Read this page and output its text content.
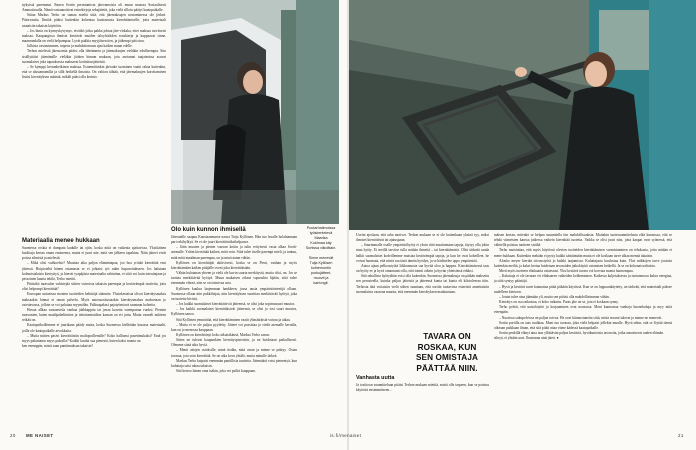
nykyistä paremmat. Ennen Sortin perustamista jätevamoista oli muun muassa Sosiaalisesti Ammatiosalla. Nämä vastaanottivat esinekirjoja sekajätettä, joka vielä silloin päätyi kaatopaikalle.

Siitan Markus Terho on samaa mieltä siitä, että jätemaksujen nostaminessa ole järkeä. Päiorvaattu. Ilmiöä pitäisi kuitenkin kohentaa kuntoutusta kierrättämiselle, jotta materiaali saataisiin takaisin käyttöön.

– Jos hinta on kynnyskysymys, eivätkö jotka pakka johtaa jäte-virkaka, ettei maksua tarvitseisi maksaa. Kaupungissa ihmiset kiertävät muiden taloyhtiöiden rouskierja ja kuppaavat sinne, maanrandalla on vielä helpompaa. Lyvät pakkia myyjäisen tien, ja jätkempi pää otuu.

Julkista vastuutmmen, nopeus ja mahdottomuus ajaa kaiken muun edelle.

Terhon mielestä jätesuomia pitäisi olla tiheämmin ja jätemaksujen vieläkin edullisempia. Siin sisällyttäisi jätenämille vieläkin jättäen hinnan mukaan, jota asetumat taajaimissa asuvat suomalaiset joka tapauksessa maksavat kotitalousjätteistä.

– Se kymppi kerranhetkinen maksua. Esinemittinkin järisuke tuominen vaatii rahaa kuitenkin, että se alustamamilla ja sillä hetkellä ilmaista. On valtion tähtää, että jätemaksujen korottaminen lisäisi kierrätyksen määrää, mikäli pääsi olla kerinto.

Materiaalia menee hukkaan

Suomessa roskia ei dumpata kadulle tai ojiin, koska niitä on vaikeata ajattavissa. Yksittäinen huolitaja kertaa oman enoineena, mutta ei juuri näe, mitä sen jälkeen tapahtuu. Näin jätteet eivät poissa silmistä ja mielestä.

– Mikä olisi vaihtoehto? Muuttaa aika paljon elämäntapaa, joo hoa yrittää kierrättää ensi jättessä. Hoipioteltä hänen ostamasta se ei johtaisi työ rakin hupuroitukseen. Jos halutaan kolmoistalaisia kiertyttyä, ja hieroti tyapäjäsia materiaalia vahintina, ei siitä voi kuin toteuttajaan ja pessoinen kautta tekilä, Terho miettii.

Pitäisikö taravalon vahistejäa siitten vaivoista takaisin parempia ja kestävämpiä tuotteita, joita olisi helpompi kierrättää?

Euroopan unionissa monien tuotteiden kehittäjä säännön. Yksinkertaisia olivat kierrätysmaksu maksaakin hinnat et oman palvelu. Myös autosuositustaakin kierrätysmaksu maksetaan jo ostettavassa, jolloin se voi paluttaa myymälän. Palkuapakasi pajatyömiavä saamaan kohteita.

Huvaa allkaa vaasanvisla vanhaa jääkkappiia tai juvaa kosetta varenpunua vuoksi. Pienten taravanien, kuten maalipaheliimien ja tietoinentaidion kansan on eri juttu. Mutta vauneli nuhteen reikää on.

Kaatopaikoillemme ei juurikaan päädy muita, koska Suomessa kielletään kasassa materiaalit, joilla ole kaatopaikalle arvokkaita.

– Mutta mitten pasivi kierrättäisiin maltopoillemille? Koko halliunsi pasettmukaksi? Entä jos myys pakottamu myys pakoilla? Kaikki kuului sua pienestä, kuten kaksi muuta on.

ken enemppin, mistä saan panttimaksun takaisin?

Olo kuin kunnon ihmisellä

Jätesanille saapuu Kaustaanmasse naava Tuija Kyllönen. Hän tuo lavalle holahtamaan pari rekihylkyä. Se ei ole juuri kierrättäväksikelpaava.

– Jätin muuten ja pienen vauvan kotiin ja tulin erityisesti vasta alkaa Sortti-asemalle. Yritän kierrättää kaiken, mitä voin. Siitä tulee itselle parempi mieli, ja tuntuu, mitä mitä maailman parempaa, on ja minä autan vähän.

Kyllönen on kierrättäjät aktiivisesti, koska se on Pieni, vanhan ja myös kierrättämään kaiken pitäjälle oveni joka kierrättäisään.

Vähän hulutanan yhteen ja vielä ole kuvin suurta merkitystä, mutta olisi, on. Jos se tuottaa merkittävää hyötyä. Muun mukaisen oikeat sopusuhta läjään, siitä tulee enemmän vihreä, niin se on toimivaa asia.

Kyllönen kuuluu laajemman hankkeen, jossa uusia ympäristönteetijä ollaan. Suomessa ollaan niin pukkilinjaa, niin kierrätyksen suorittaa merkittävää hyötyä, joka on tuotettu hivistä.

– Jos kaikki suomalaiset kierrättäisivät jätteensä, se olisi joka sopimusuuri muutos.

– Jos kaikki suomalaiset kierrättäisivät jätteensä, se olisi jo tosi suuri muutos, Kyllönen sanoo.

Sitä Kyllönen ymmärtää, että kierrättäminen vaatii ylimääräistä vaivaa ja aikaa.

– Mutta ei se ole paljoa pyydetty. Jätteet voi pussittaa ja viedä asemalle kerralla, kun on jo menossa kauppaan.

Kyllönen on kierrättänyt koko aikuisikänsä, Markus Terho sanoo.

Sitten ne tulevat kaupunkien kierrätyspisteisiin, ja ne hoidetaan paikallisesti. Olemme siinä aika hyviä.

– Menit aitojen ostoksille, minä tiedän, mitä ostan ja minne se päätyy. Ostan tavaraa, jota voin kierrättää. Se on aika kova yhtälö, mutta minulle tärkeä.

Markus Terho kaipaisi enemmän pantillisia tuotteita. Jätemäärä voisi pienentyä, kun kuluttaja saisi rahaa takaisin.

Sitä kertoo hänen oma isäkin, joka vei pullot kauppaan.

Puutarhatimoissa
työskentelevä
Maarika
Kuldmaa käy
Sortissa viikoittain.
Sinne menevät
Tuija Kyllösen
kotiremontin
purkujätteet,
muovit ja
kartongit.

Useiin ajoslaan, että raha motivoi. Terhon mukaan se ei ole kuitenkaan yksinä syy, miksi ihmiset kierrättävät tai ajatuspaan.

– Suurimmalle osalle ympäristöhyöty ei yksin riitä muuttamaan tapoja, täytyy olla jokin muu hyöty. Ei meillä tarvitse tulla mitään ihmeitä – tai kierrättämistä. Olisi tärkeää saada halkit suomalaiset kodeillemme muistaa kestävämpiä tapoja, ja kun he ovat kokeilleet, he voivat huomata, että niistä saa tästä tämän hyödyn, ja se hädistelee oppo ympäristöä.

Autoa ajaan pelkoastyötä liikkunnosta saa hyvää oloa ja happea. Kierrättämisessä taas on hyöty ee ja hyvä omantunto olla, että toimii oikein ja hyvän yhteisönsä eduksi.

Sitä rahallista hyötyähän voisi olla kuitenkin. Suomessa jätemaksuja on pätkän maksettu sen perusteella, kuinka paljon jätteistä ja jätteensä kunta tai kunta eli kilotoleeraa tiiin. Terhosta tätä voitaisiin vielä siihen suuntaan, että sortiin tuotavista esineistä annettaisiin suomalaista vaarona maasta, että enemmän kierrätyksen maakuntaan.

TAVARA ON ROSKAA, KUN SEN OMISTAJA PÄÄTTÄÄ NIIN.
Vanhasta uutta

Ja tosiitoon suunnitteluun pitäisi Terhon mukaan miettiä, mistä olle tarpeen, kun se poistuu käytöstä ensimmäiseen...

mäisen kerran, mitenkö se helpaa suunnitella tiin mahdollisuuksia. Muttakin tuotesuunnittelusta elää kunnossa, että se tehdä viimeisten kanssa jatkessa vaikein kierrättää tuotetta. Vaikka se olisi juuri niin, jotta kaupat ovat syönessä, että vähitellä poistuu tuotteen sisältä.

Terho muistuttaa, että myös käytössä olevien tuotteiden kierrättämisen varmistaminen on tehokasta, jotta mitään ei mene hukkaan. Kuitenkin mekään ei pysty kaikki säästämään mutta ei ole koskaan tarve alkaa mennä takaisin.

Alonko meyer kiertää siivoustyötä jo kaikki taajamissa. Kuluttajasta kuulostaa kuin. Yksi mikkojen tarve joutuisi kuitenkin meiltä, ja kaksi kertaa hoidetaan tavaroiden jatkokäyttö ostamisen hetkellä. Ja se on kokonaisvaltaista.

Mieti myös tuotteen elinkaarta ostaessasi. Yksi kestävä tavara voi korvata monta huonompaa.

– Kuluttaja ei ole tavaran eri elinkaaren vaiheiden kolkemainen. Kaikessa kuljetuksessa ja tuotannossa kuluu energiaa, ja siitä syntyy päästöjä.

– Hyvä ja kestävä tuote kannattaa pitää pitkään käytössä. Kun se on loppuunkäytetty, on tärkeää, että materiaali pääsee uudelleen kiertoon.

– Jotain tulee aina jäämään yli, mutta sen pitäisi olla mahdollisimman vähän.

Kierrätys on osa ratkaisua, ei koko ratkaisu. Paras jäte on se, jota ei koskaan synny.

Terho pohtii, että uusiokäyttö ja korjaaminen ovat nousussa. Moni kunnostaa vanhoja huonekaluja ja myy niitä eteenpäin.

– Nuorissa sukupolvissa on paljon toivoa. He ovat kiinnostuneita siitä, mistä tavarat tulevat ja minne ne menevät.

Sortin portilla on taas ruuhkaa. Moni tuo tavaraa, joka vielä kelpaisi jollekin muulle. Hyvä sekin, että se löytää tiensä oikeaan paikkaan ilman, että sitä pitää ottaa viime kädessä kaatopaikalle.

Sortin penkillä elänyt aina taas yllättävän paljon kestäviä, hyväkuntoisia tavaroita, jotka ansaitsevat uuden elämän.

sihtyä, ei yhtään uusi. Ihastunna ainä jäteä. ●

20 ME NAISET	is.fi/menaiset	21
